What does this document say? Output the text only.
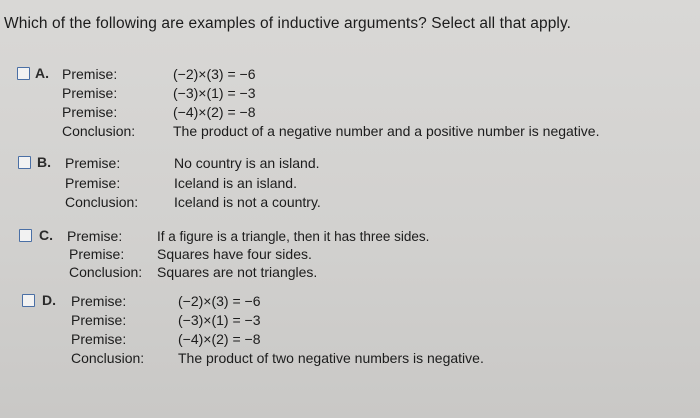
Which of the following are examples of inductive arguments? Select all that apply.
A. Premise:	(−2)×(3) = −6
Premise:	(−3)×(1) = −3
Premise:	(−4)×(2) = −8
Conclusion:	The product of a negative number and a positive number is negative.
B. Premise:	No country is an island.
Premise:	Iceland is an island.
Conclusion:	Iceland is not a country.
C. Premise:	If a figure is a triangle, then it has three sides.
Premise: Squares have four sides.
Conclusion: Squares are not triangles.
D. Premise:	(−2)×(3) = −6
Premise:	(−3)×(1) = −3
Premise:	(−4)×(2) = −8
Conclusion: The product of two negative numbers is negative.
